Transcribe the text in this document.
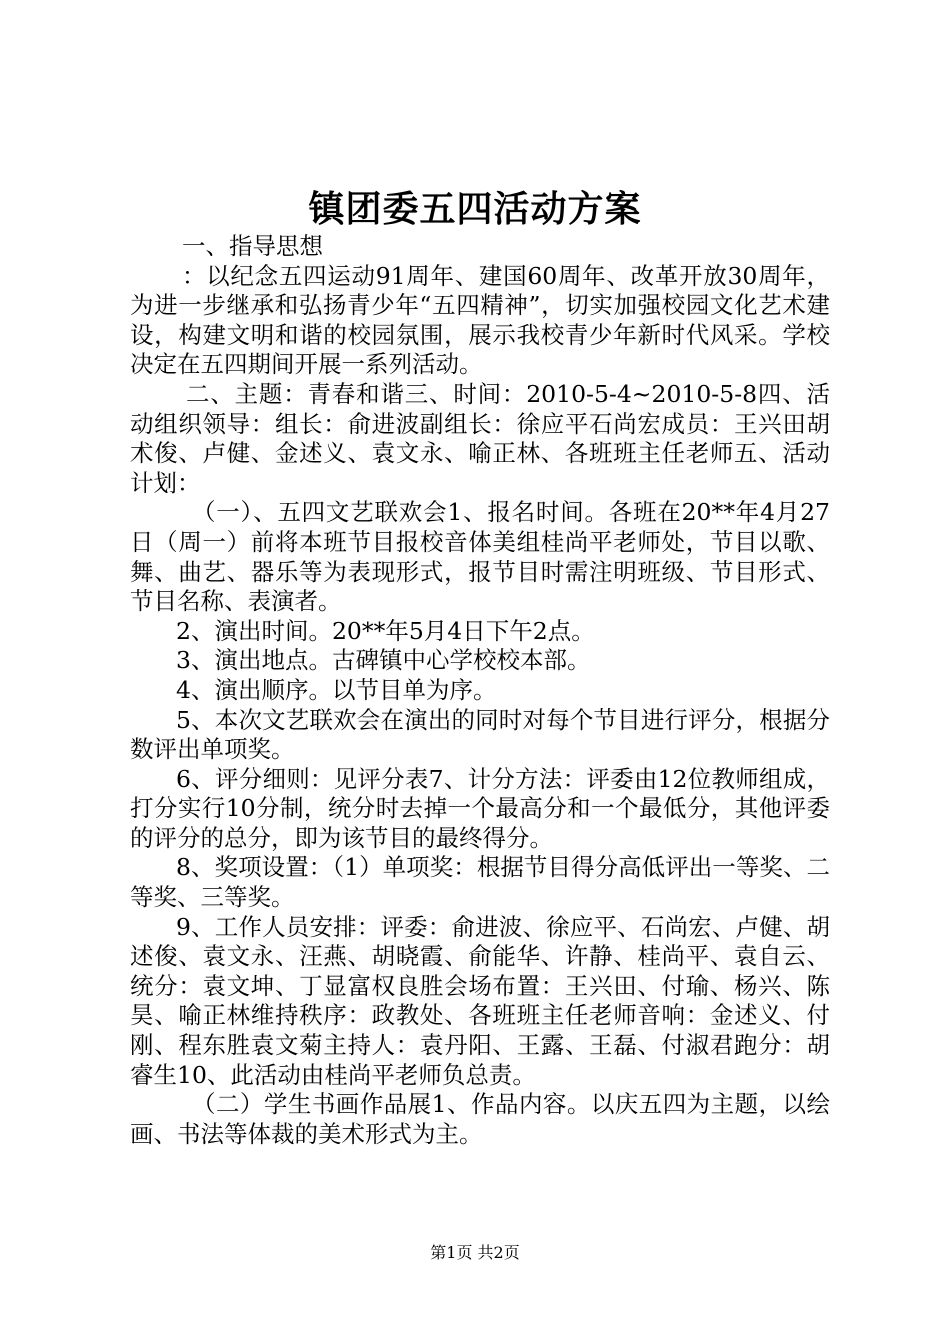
镇团委五四活动方案

一、指导思想

：以纪念五四运动91周年、建国60周年、改革开放30周年，为进一步继承和弘扬青少年“五四精神”，切实加强校园文化艺术建设，构建文明和谐的校园氛围，展示我校青少年新时代风采。学校决定在五四期间开展一系列活动。

二、主题：青春和谐三、时间：2010-5-4~2010-5-8四、活动组织领导：组长：俞进波副组长：徐应平石尚宏成员：王兴田胡术俊、卢健、金述义、袁文永、喻正林、各班班主任老师五、活动计划：

（一）、五四文艺联欢会1、报名时间。各班在20**年4月27日（周一）前将本班节目报校音体美组桂尚平老师处，节目以歌、舞、曲艺、器乐等为表现形式，报节目时需注明班级、节目形式、节目名称、表演者。

2、演出时间。20**年5月4日下午2点。

3、演出地点。古碑镇中心学校校本部。

4、演出顺序。以节目单为序。

5、本次文艺联欢会在演出的同时对每个节目进行评分，根据分数评出单项奖。

6、评分细则：见评分表7、计分方法：评委由12位教师组成，打分实行10分制，统分时去掉一个最高分和一个最低分，其他评委的评分的总分，即为该节目的最终得分。

8、奖项设置：（1）单项奖：根据节目得分高低评出一等奖、二等奖、三等奖。

9、工作人员安排：评委：俞进波、徐应平、石尚宏、卢健、胡述俊、袁文永、汪燕、胡晓霞、俞能华、许静、桂尚平、袁自云、统分：袁文坤、丁显富权良胜会场布置：王兴田、付瑜、杨兴、陈昊、喻正林维持秩序：政教处、各班班主任老师音响：金述义、付刚、程东胜袁文菊主持人：袁丹阳、王露、王磊、付淑君跑分：胡睿生10、此活动由桂尚平老师负总责。

（二）学生书画作品展1、作品内容。以庆五四为主题，以绘画、书法等体裁的美术形式为主。

第1页 共2页
